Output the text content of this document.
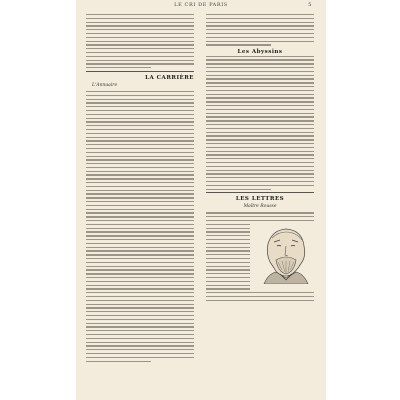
LE CRI DE PARIS	5
LA CARRIÈRE
L'Annuaire
Les Abyssins
LES LETTRES
Maître Rousse
